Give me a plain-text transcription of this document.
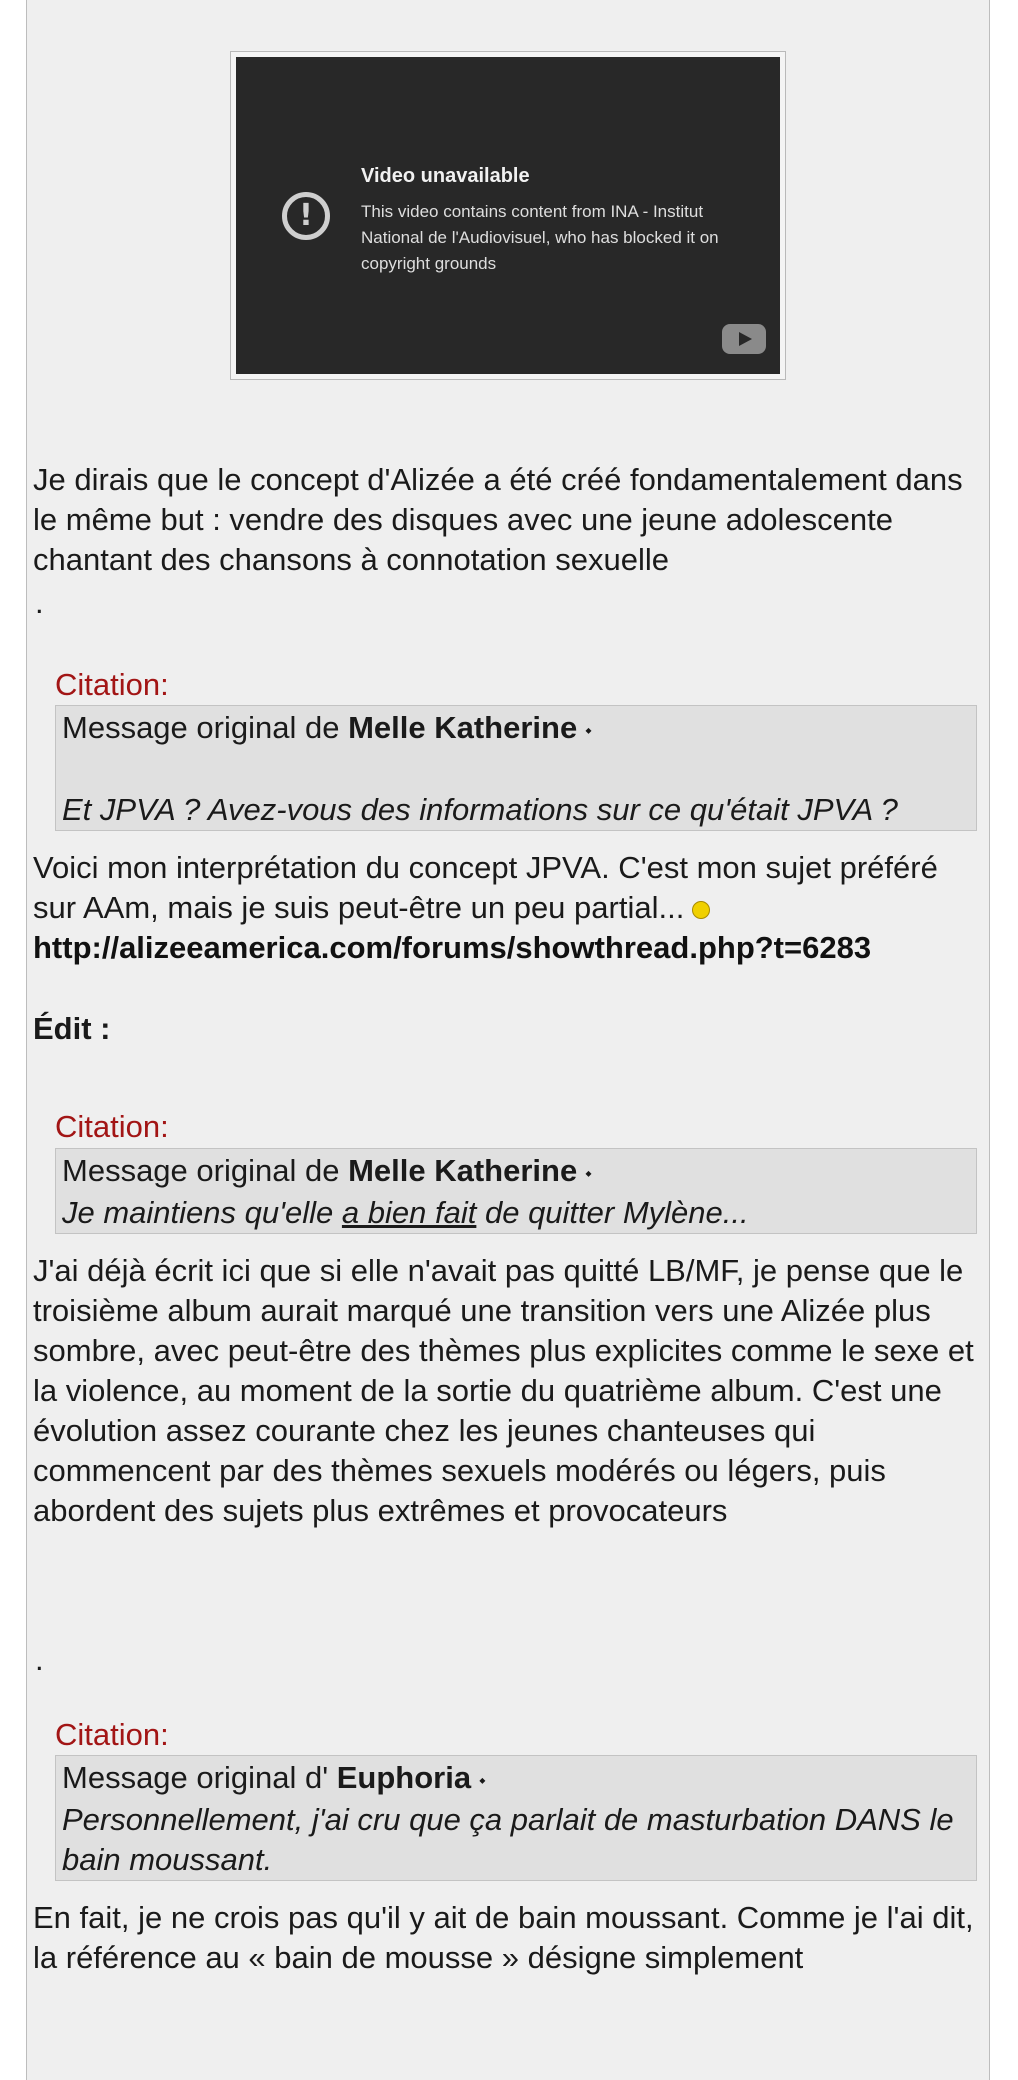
!
Video unavailable
This video contains content from INA - Institut National de l'Audiovisuel, who has blocked it on copyright grounds

Je dirais que le concept d'Alizée a été créé fondamentalement dans le même but : vendre des disques avec une jeune adolescente chantant des chansons à connotation sexuelle

.
Citation:
Message original de Melle Katherine ⬩
Et JPVA ? Avez-vous des informations sur ce qu'était JPVA ?
Voici mon interprétation du concept JPVA. C'est mon sujet préféré sur AAm, mais je suis peut-être un peu partial...
http://alizeeamerica.com/forums/showthread.php?t=6283
Édit :
Citation:
Message original de Melle Katherine ⬩
Je maintiens qu'elle a bien fait de quitter Mylène...

J'ai déjà écrit ici que si elle n'avait pas quitté LB/MF, je pense que le troisième album aurait marqué une transition vers une Alizée plus sombre, avec peut-être des thèmes plus explicites comme le sexe et la violence, au moment de la sortie du quatrième album. C'est une évolution assez courante chez les jeunes chanteuses qui commencent par des thèmes sexuels modérés ou légers, puis abordent des sujets plus extrêmes et provocateurs

.
Citation:
Message original d' Euphoria ⬩
Personnellement, j'ai cru que ça parlait de masturbation DANS le bain moussant.

En fait, je ne crois pas qu'il y ait de bain moussant. Comme je l'ai dit, la référence au « bain de mousse » désigne simplement
